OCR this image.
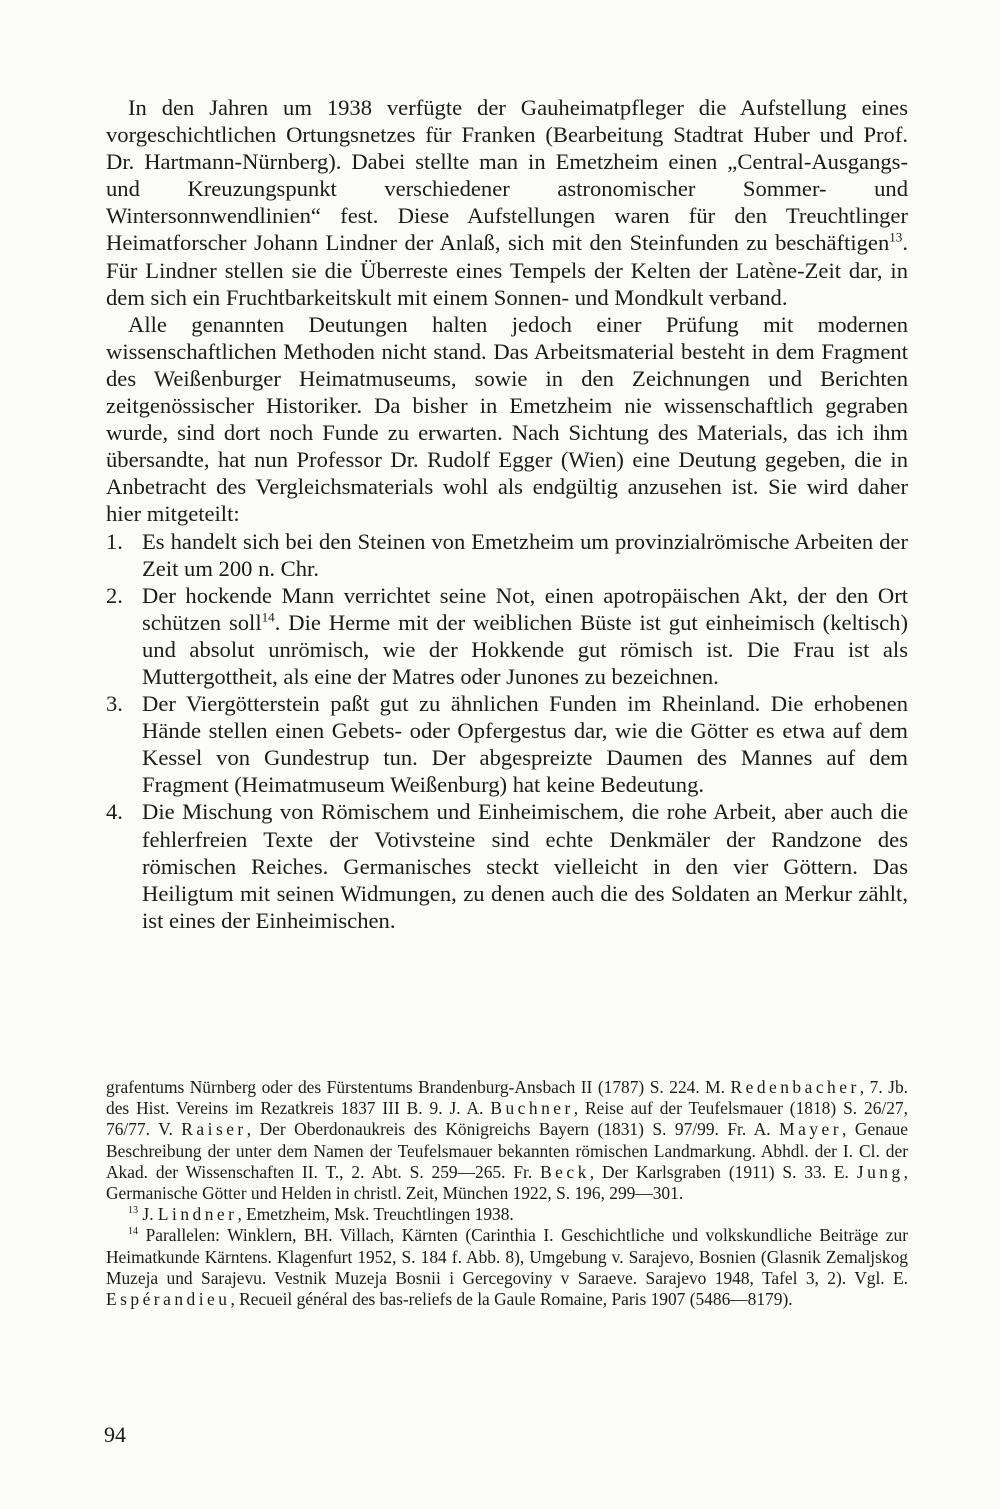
In den Jahren um 1938 verfügte der Gauheimatpfleger die Aufstellung eines vorgeschichtlichen Ortungsnetzes für Franken (Bearbeitung Stadtrat Huber und Prof. Dr. Hartmann-Nürnberg). Dabei stellte man in Emetzheim einen „Central-Ausgangs- und Kreuzungspunkt verschiedener astronomischer Sommer- und Wintersonnwendlinien“ fest. Diese Aufstellungen waren für den Treuchtlinger Heimatforscher Johann Lindner der Anlaß, sich mit den Steinfunden zu beschäftigen$^{13}$. Für Lindner stellen sie die Überreste eines Tempels der Kelten der Latène-Zeit dar, in dem sich ein Fruchtbarkeitskult mit einem Sonnen- und Mondkult verband.

Alle genannten Deutungen halten jedoch einer Prüfung mit modernen wissenschaftlichen Methoden nicht stand. Das Arbeitsmaterial besteht in dem Fragment des Weißenburger Heimatmuseums, sowie in den Zeichnungen und Berichten zeitgenössischer Historiker. Da bisher in Emetzheim nie wissenschaftlich gegraben wurde, sind dort noch Funde zu erwarten. Nach Sichtung des Materials, das ich ihm übersandte, hat nun Professor Dr. Rudolf Egger (Wien) eine Deutung gegeben, die in Anbetracht des Vergleichsmaterials wohl als endgültig anzusehen ist. Sie wird daher hier mitgeteilt:

1. Es handelt sich bei den Steinen von Emetzheim um provinzialrömische Arbeiten der Zeit um 200 n. Chr.
2. Der hockende Mann verrichtet seine Not, einen apotropäischen Akt, der den Ort schützen soll$^{14}$. Die Herme mit der weiblichen Büste ist gut einheimisch (keltisch) und absolut unrömisch, wie der Hokkende gut römisch ist. Die Frau ist als Muttergottheit, als eine der Matres oder Junones zu bezeichnen.
3. Der Viergötterstein paßt gut zu ähnlichen Funden im Rheinland. Die erhobenen Hände stellen einen Gebets- oder Opfergestus dar, wie die Götter es etwa auf dem Kessel von Gundestrup tun. Der abgespreizte Daumen des Mannes auf dem Fragment (Heimatmuseum Weißenburg) hat keine Bedeutung.
4. Die Mischung von Römischem und Einheimischem, die rohe Arbeit, aber auch die fehlerfreien Texte der Votivsteine sind echte Denkmäler der Randzone des römischen Reiches. Germanisches steckt vielleicht in den vier Göttern. Das Heiligtum mit seinen Widmungen, zu denen auch die des Soldaten an Merkur zählt, ist eines der Einheimischen.

grafentums Nürnberg oder des Fürstentums Brandenburg-Ansbach II (1787) S. 224. M. Redenbacher, 7. Jb. des Hist. Vereins im Rezatkreis 1837 III B. 9. J. A. Buchner, Reise auf der Teufelsmauer (1818) S. 26/27, 76/77. V. Raiser, Der Oberdonaukreis des Königreichs Bayern (1831) S. 97/99. Fr. A. Mayer, Genaue Beschreibung der unter dem Namen der Teufelsmauer bekannten römischen Landmarkung. Abhdl. der I. Cl. der Akad. der Wissenschaften II. T., 2. Abt. S. 259—265. Fr. Beck, Der Karlsgraben (1911) S. 33. E. Jung, Germanische Götter und Helden in christl. Zeit, München 1922, S. 196, 299—301.

$^{13}$ J. Lindner, Emetzheim, Msk. Treuchtlingen 1938.

$^{14}$ Parallelen: Winklern, BH. Villach, Kärnten (Carinthia I. Geschichtliche und volkskundliche Beiträge zur Heimatkunde Kärntens. Klagenfurt 1952, S. 184 f. Abb. 8), Umgebung v. Sarajevo, Bosnien (Glasnik Zemaljskog Muzeja und Sarajevu. Vestnik Muzeja Bosnii i Gercegoviny v Saraeve. Sarajevo 1948, Tafel 3, 2). Vgl. E. Espérandieu, Recueil général des bas-reliefs de la Gaule Romaine, Paris 1907 (5486—8179).

94
